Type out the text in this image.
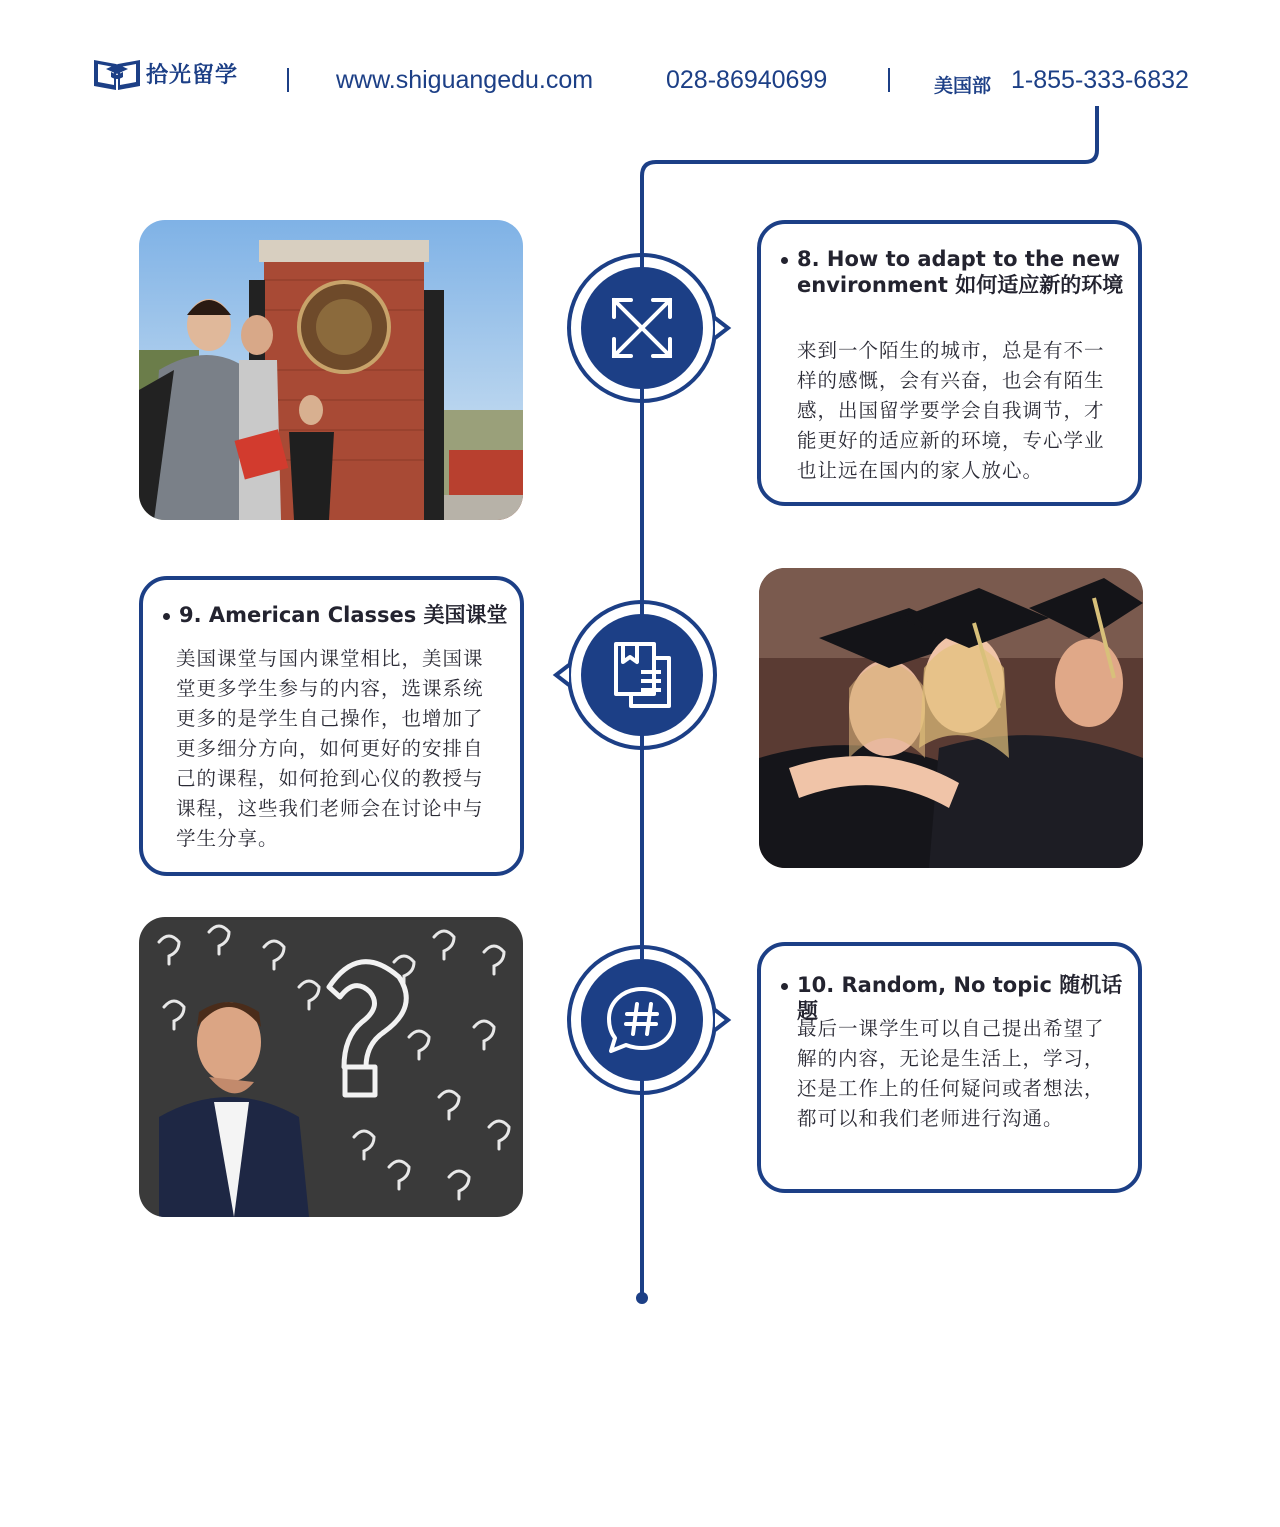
拾光留学	www.shiguangedu.com	028-86940699	美国部 1-855-333-6832
8. How to adapt to the new environment 如何适应新的环境
来到一个陌生的城市，总是有不一样的感慨，会有兴奋，也会有陌生感，出国留学要学会自我调节，才能更好的适应新的环境，专心学业也让远在国内的家人放心。
9. American Classes 美国课堂
美国课堂与国内课堂相比，美国课堂更多学生参与的内容，选课系统更多的是学生自己操作，也增加了更多细分方向，如何更好的安排自己的课程，如何抢到心仪的教授与课程，这些我们老师会在讨论中与学生分享。
10. Random, No topic 随机话题
最后一课学生可以自己提出希望了解的内容，无论是生活上，学习，还是工作上的任何疑问或者想法，都可以和我们老师进行沟通。
